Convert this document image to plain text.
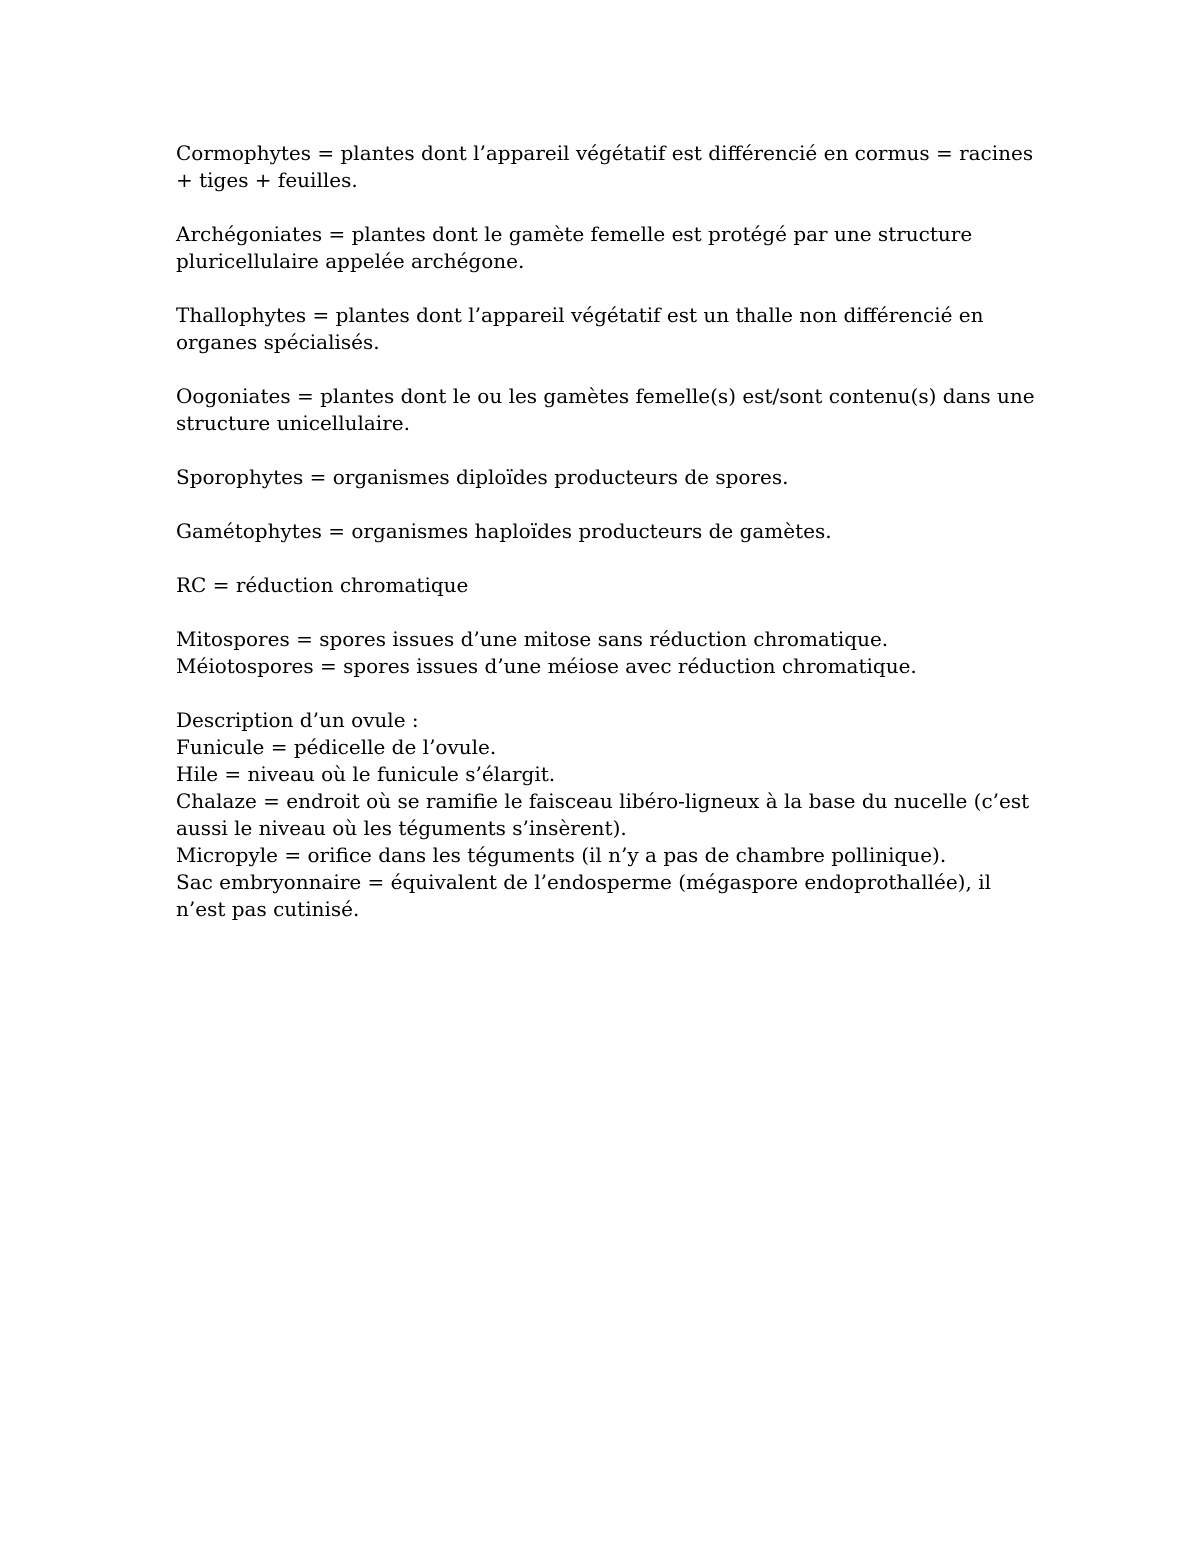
Cormophytes = plantes dont l’appareil végétatif est différencié en cormus = racines
+ tiges + feuilles.

Archégoniates = plantes dont le gamète femelle est protégé par une structure
pluricellulaire appelée archégone.

Thallophytes = plantes dont l’appareil végétatif est un thalle non différencié en
organes spécialisés.

Oogoniates = plantes dont le ou les gamètes femelle(s) est/sont contenu(s) dans une
structure unicellulaire.

Sporophytes = organismes diploïdes producteurs de spores.

Gamétophytes = organismes haploïdes producteurs de gamètes.

RC = réduction chromatique

Mitospores = spores issues d’une mitose sans réduction chromatique.
Méiotospores = spores issues d’une méiose avec réduction chromatique.

Description d’un ovule :
Funicule = pédicelle de l’ovule.
Hile = niveau où le funicule s’élargit.
Chalaze = endroit où se ramifie le faisceau libéro-ligneux à la base du nucelle (c’est
aussi le niveau où les téguments s’insèrent).
Micropyle = orifice dans les téguments (il n’y a pas de chambre pollinique).
Sac embryonnaire = équivalent de l’endosperme (mégaspore endoprothallée), il
n’est pas cutinisé.
